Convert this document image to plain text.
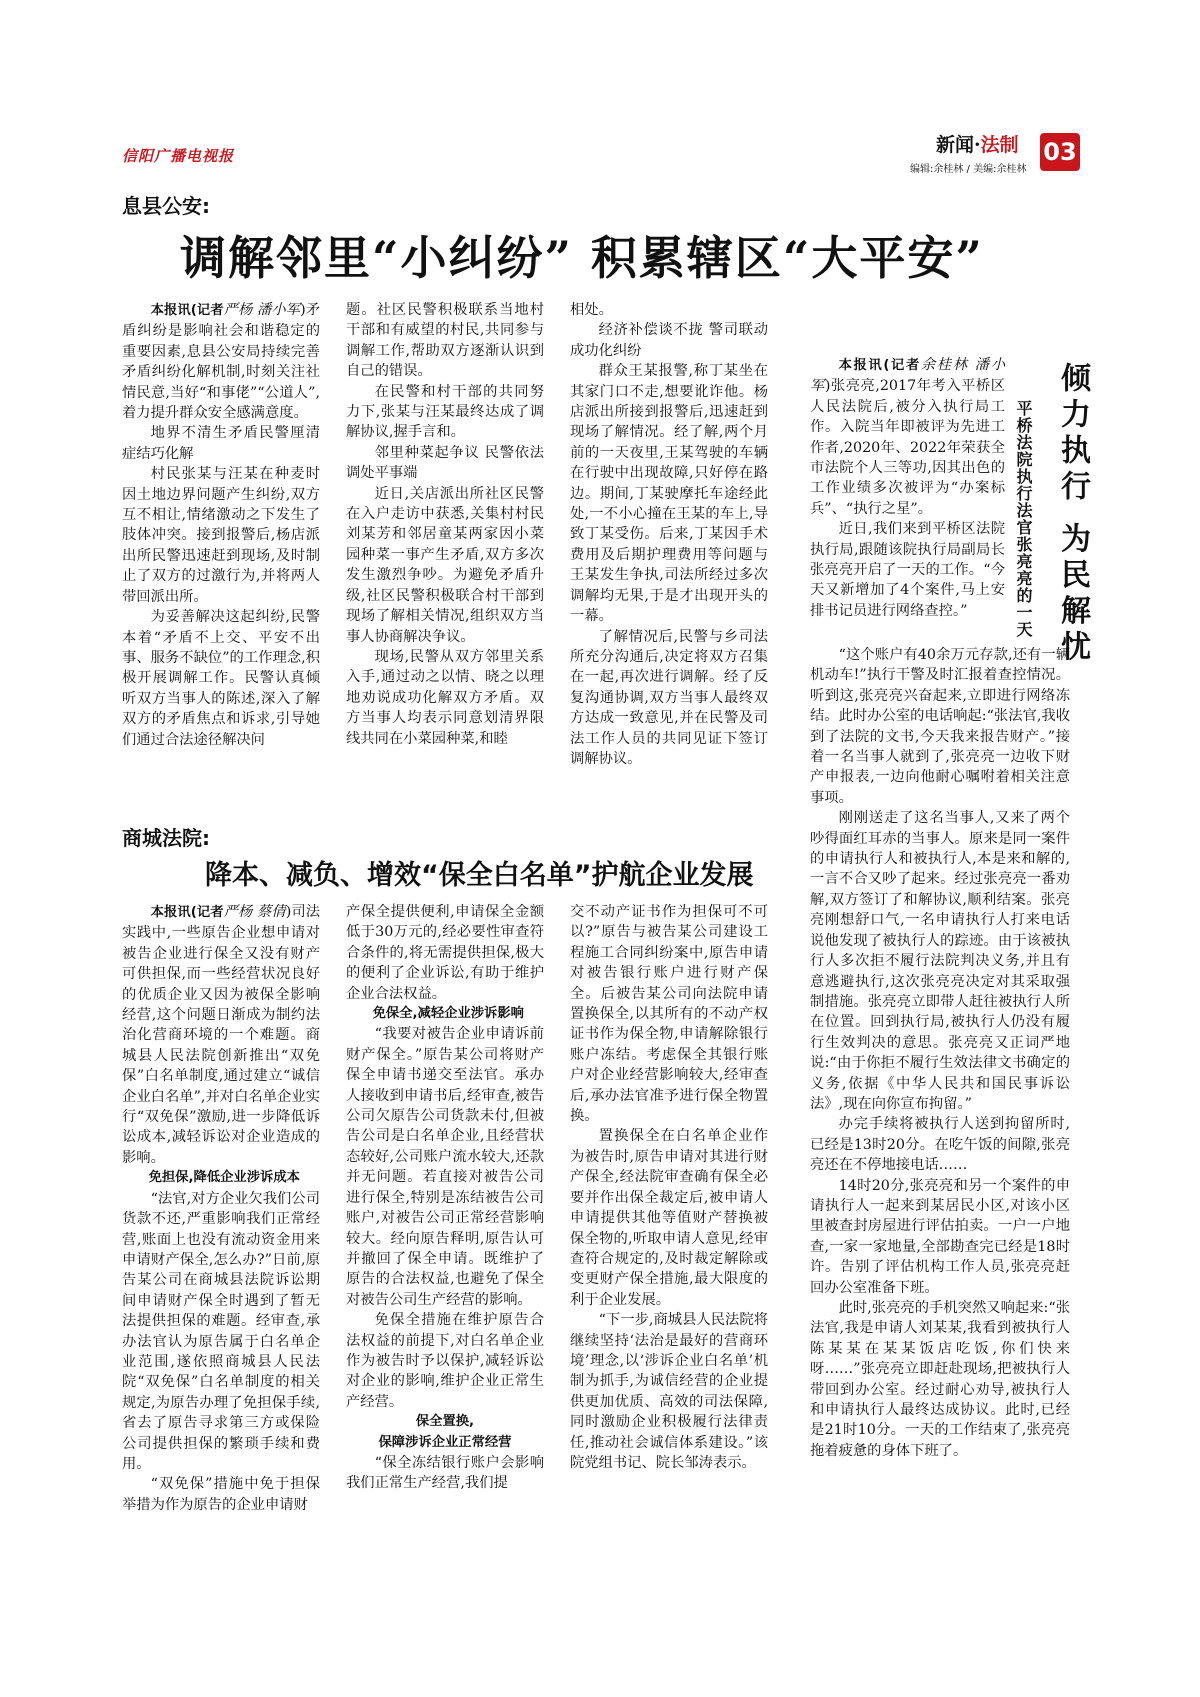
信阳广播电视报	新闻·法制
编辑:余桂林 / 美编:余桂林
03
息县公安:
调解邻里“小纠纷” 积累辖区“大平安”

本报讯(记者严杨 潘小军)矛盾纠纷是影响社会和谐稳定的重要因素,息县公安局持续完善矛盾纠纷化解机制,时刻关注社情民意,当好“和事佬”“公道人”,着力提升群众安全感满意度。

地界不清生矛盾民警厘清症结巧化解

村民张某与汪某在种麦时因土地边界问题产生纠纷,双方互不相让,情绪激动之下发生了肢体冲突。接到报警后,杨店派出所民警迅速赶到现场,及时制止了双方的过激行为,并将两人带回派出所。

为妥善解决这起纠纷,民警本着“矛盾不上交、平安不出事、服务不缺位”的工作理念,积极开展调解工作。民警认真倾听双方当事人的陈述,深入了解双方的矛盾焦点和诉求,引导她们通过合法途径解决问

题。社区民警积极联系当地村干部和有威望的村民,共同参与调解工作,帮助双方逐渐认识到自己的错误。

在民警和村干部的共同努力下,张某与汪某最终达成了调解协议,握手言和。

邻里种菜起争议 民警依法调处平事端

近日,关店派出所社区民警在入户走访中获悉,关集村村民刘某芳和邻居童某两家因小菜园种菜一事产生矛盾,双方多次发生激烈争吵。为避免矛盾升级,社区民警积极联合村干部到现场了解相关情况,组织双方当事人协商解决争议。

现场,民警从双方邻里关系入手,通过动之以情、晓之以理地劝说成功化解双方矛盾。双方当事人均表示同意划清界限线共同在小菜园种菜,和睦

相处。

经济补偿谈不拢 警司联动成功化纠纷

群众王某报警,称丁某坐在其家门口不走,想要讹诈他。杨店派出所接到报警后,迅速赶到现场了解情况。经了解,两个月前的一天夜里,王某驾驶的车辆在行驶中出现故障,只好停在路边。期间,丁某驶摩托车途经此处,一不小心撞在王某的车上,导致丁某受伤。后来,丁某因手术费用及后期护理费用等问题与王某发生争执,司法所经过多次调解均无果,于是才出现开头的一幕。

了解情况后,民警与乡司法所充分沟通后,决定将双方召集在一起,再次进行调解。经了反复沟通协调,双方当事人最终双方达成一致意见,并在民警及司法工作人员的共同见证下签订调解协议。

商城法院:
降本、减负、增效“保全白名单”护航企业发展

本报讯(记者严杨 蔡倩)司法实践中,一些原告企业想申请对被告企业进行保全又没有财产可供担保,而一些经营状况良好的优质企业又因为被保全影响经营,这个问题日渐成为制约法治化营商环境的一个难题。商城县人民法院创新推出“双免保”白名单制度,通过建立“诚信企业白名单”,并对白名单企业实行“双免保”激励,进一步降低诉讼成本,减轻诉讼对企业造成的影响。

免担保,降低企业涉诉成本

“法官,对方企业欠我们公司货款不还,严重影响我们正常经营,账面上也没有流动资金用来申请财产保全,怎么办?”日前,原告某公司在商城县法院诉讼期间申请财产保全时遇到了暂无法提供担保的难题。经审查,承办法官认为原告属于白名单企业范围,遂依照商城县人民法院“双免保”白名单制度的相关规定,为原告办理了免担保手续,省去了原告寻求第三方或保险公司提供担保的繁琐手续和费用。

“双免保”措施中免于担保举措为作为原告的企业申请财

产保全提供便利,申请保全金额低于30万元的,经必要性审查符合条件的,将无需提供担保,极大的便利了企业诉讼,有助于维护企业合法权益。

免保全,减轻企业涉诉影响

“我要对被告企业申请诉前财产保全。”原告某公司将财产保全申请书递交至法官。承办人接收到申请书后,经审查,被告公司欠原告公司货款未付,但被告公司是白名单企业,且经营状态较好,公司账户流水较大,还款并无问题。若直接对被告公司进行保全,特别是冻结被告公司账户,对被告公司正常经营影响较大。经向原告释明,原告认可并撤回了保全申请。既维护了原告的合法权益,也避免了保全对被告公司生产经营的影响。

免保全措施在维护原告合法权益的前提下,对白名单企业作为被告时予以保护,减轻诉讼对企业的影响,维护企业正常生产经营。

保全置换,

保障涉诉企业正常经营

“保全冻结银行账户会影响我们正常生产经营,我们提

交不动产证书作为担保可不可以?”原告与被告某公司建设工程施工合同纠纷案中,原告申请对被告银行账户进行财产保全。后被告某公司向法院申请置换保全,以其所有的不动产权证书作为保全物,申请解除银行账户冻结。考虑保全其银行账户对企业经营影响较大,经审查后,承办法官准予进行保全物置换。

置换保全在白名单企业作为被告时,原告申请对其进行财产保全,经法院审查确有保全必要并作出保全裁定后,被申请人申请提供其他等值财产替换被保全物的,听取申请人意见,经审查符合规定的,及时裁定解除或变更财产保全措施,最大限度的利于企业发展。

“下一步,商城县人民法院将继续坚持‘法治是最好的营商环境’理念,以‘涉诉企业白名单’机制为抓手,为诚信经营的企业提供更加优质、高效的司法保障,同时激励企业积极履行法律责任,推动社会诚信体系建设。”该院党组书记、院长邹涛表示。

倾力执行 为民解忧
平桥法院执行法官张亮亮的一天

本报讯(记者余桂林 潘小军)张亮亮,2017年考入平桥区人民法院后,被分入执行局工作。入院当年即被评为先进工作者,2020年、2022年荣获全市法院个人三等功,因其出色的工作业绩多次被评为“办案标兵”、“执行之星”。

近日,我们来到平桥区法院执行局,跟随该院执行局副局长张亮亮开启了一天的工作。“今天又新增加了4个案件,马上安排书记员进行网络查控。”

“这个账户有40余万元存款,还有一辆机动车!”执行干警及时汇报着查控情况。听到这,张亮亮兴奋起来,立即进行网络冻结。此时办公室的电话响起:“张法官,我收到了法院的文书,今天我来报告财产。”接着一名当事人就到了,张亮亮一边收下财产申报表,一边向他耐心嘱咐着相关注意事项。

刚刚送走了这名当事人,又来了两个吵得面红耳赤的当事人。原来是同一案件的申请执行人和被执行人,本是来和解的,一言不合又吵了起来。经过张亮亮一番劝解,双方签订了和解协议,顺利结案。张亮亮刚想舒口气,一名申请执行人打来电话说他发现了被执行人的踪迹。由于该被执行人多次拒不履行法院判决义务,并且有意逃避执行,这次张亮亮决定对其采取强制措施。张亮亮立即带人赶往被执行人所在位置。回到执行局,被执行人仍没有履行生效判决的意思。张亮亮又正词严地说:“由于你拒不履行生效法律文书确定的义务,依据《中华人民共和国民事诉讼法》,现在向你宣布拘留。”

办完手续将被执行人送到拘留所时,已经是13时20分。在吃午饭的间隙,张亮亮还在不停地接电话……

14时20分,张亮亮和另一个案件的申请执行人一起来到某居民小区,对该小区里被查封房屋进行评估拍卖。一户一户地查,一家一家地量,全部勘查完已经是18时许。告别了评估机构工作人员,张亮亮赶回办公室准备下班。

此时,张亮亮的手机突然又响起来:“张法官,我是申请人刘某某,我看到被执行人陈某某在某某饭店吃饭,你们快来呀……”张亮亮立即赶赴现场,把被执行人带回到办公室。经过耐心劝导,被执行人和申请执行人最终达成协议。此时,已经是21时10分。一天的工作结束了,张亮亮拖着疲惫的身体下班了。
